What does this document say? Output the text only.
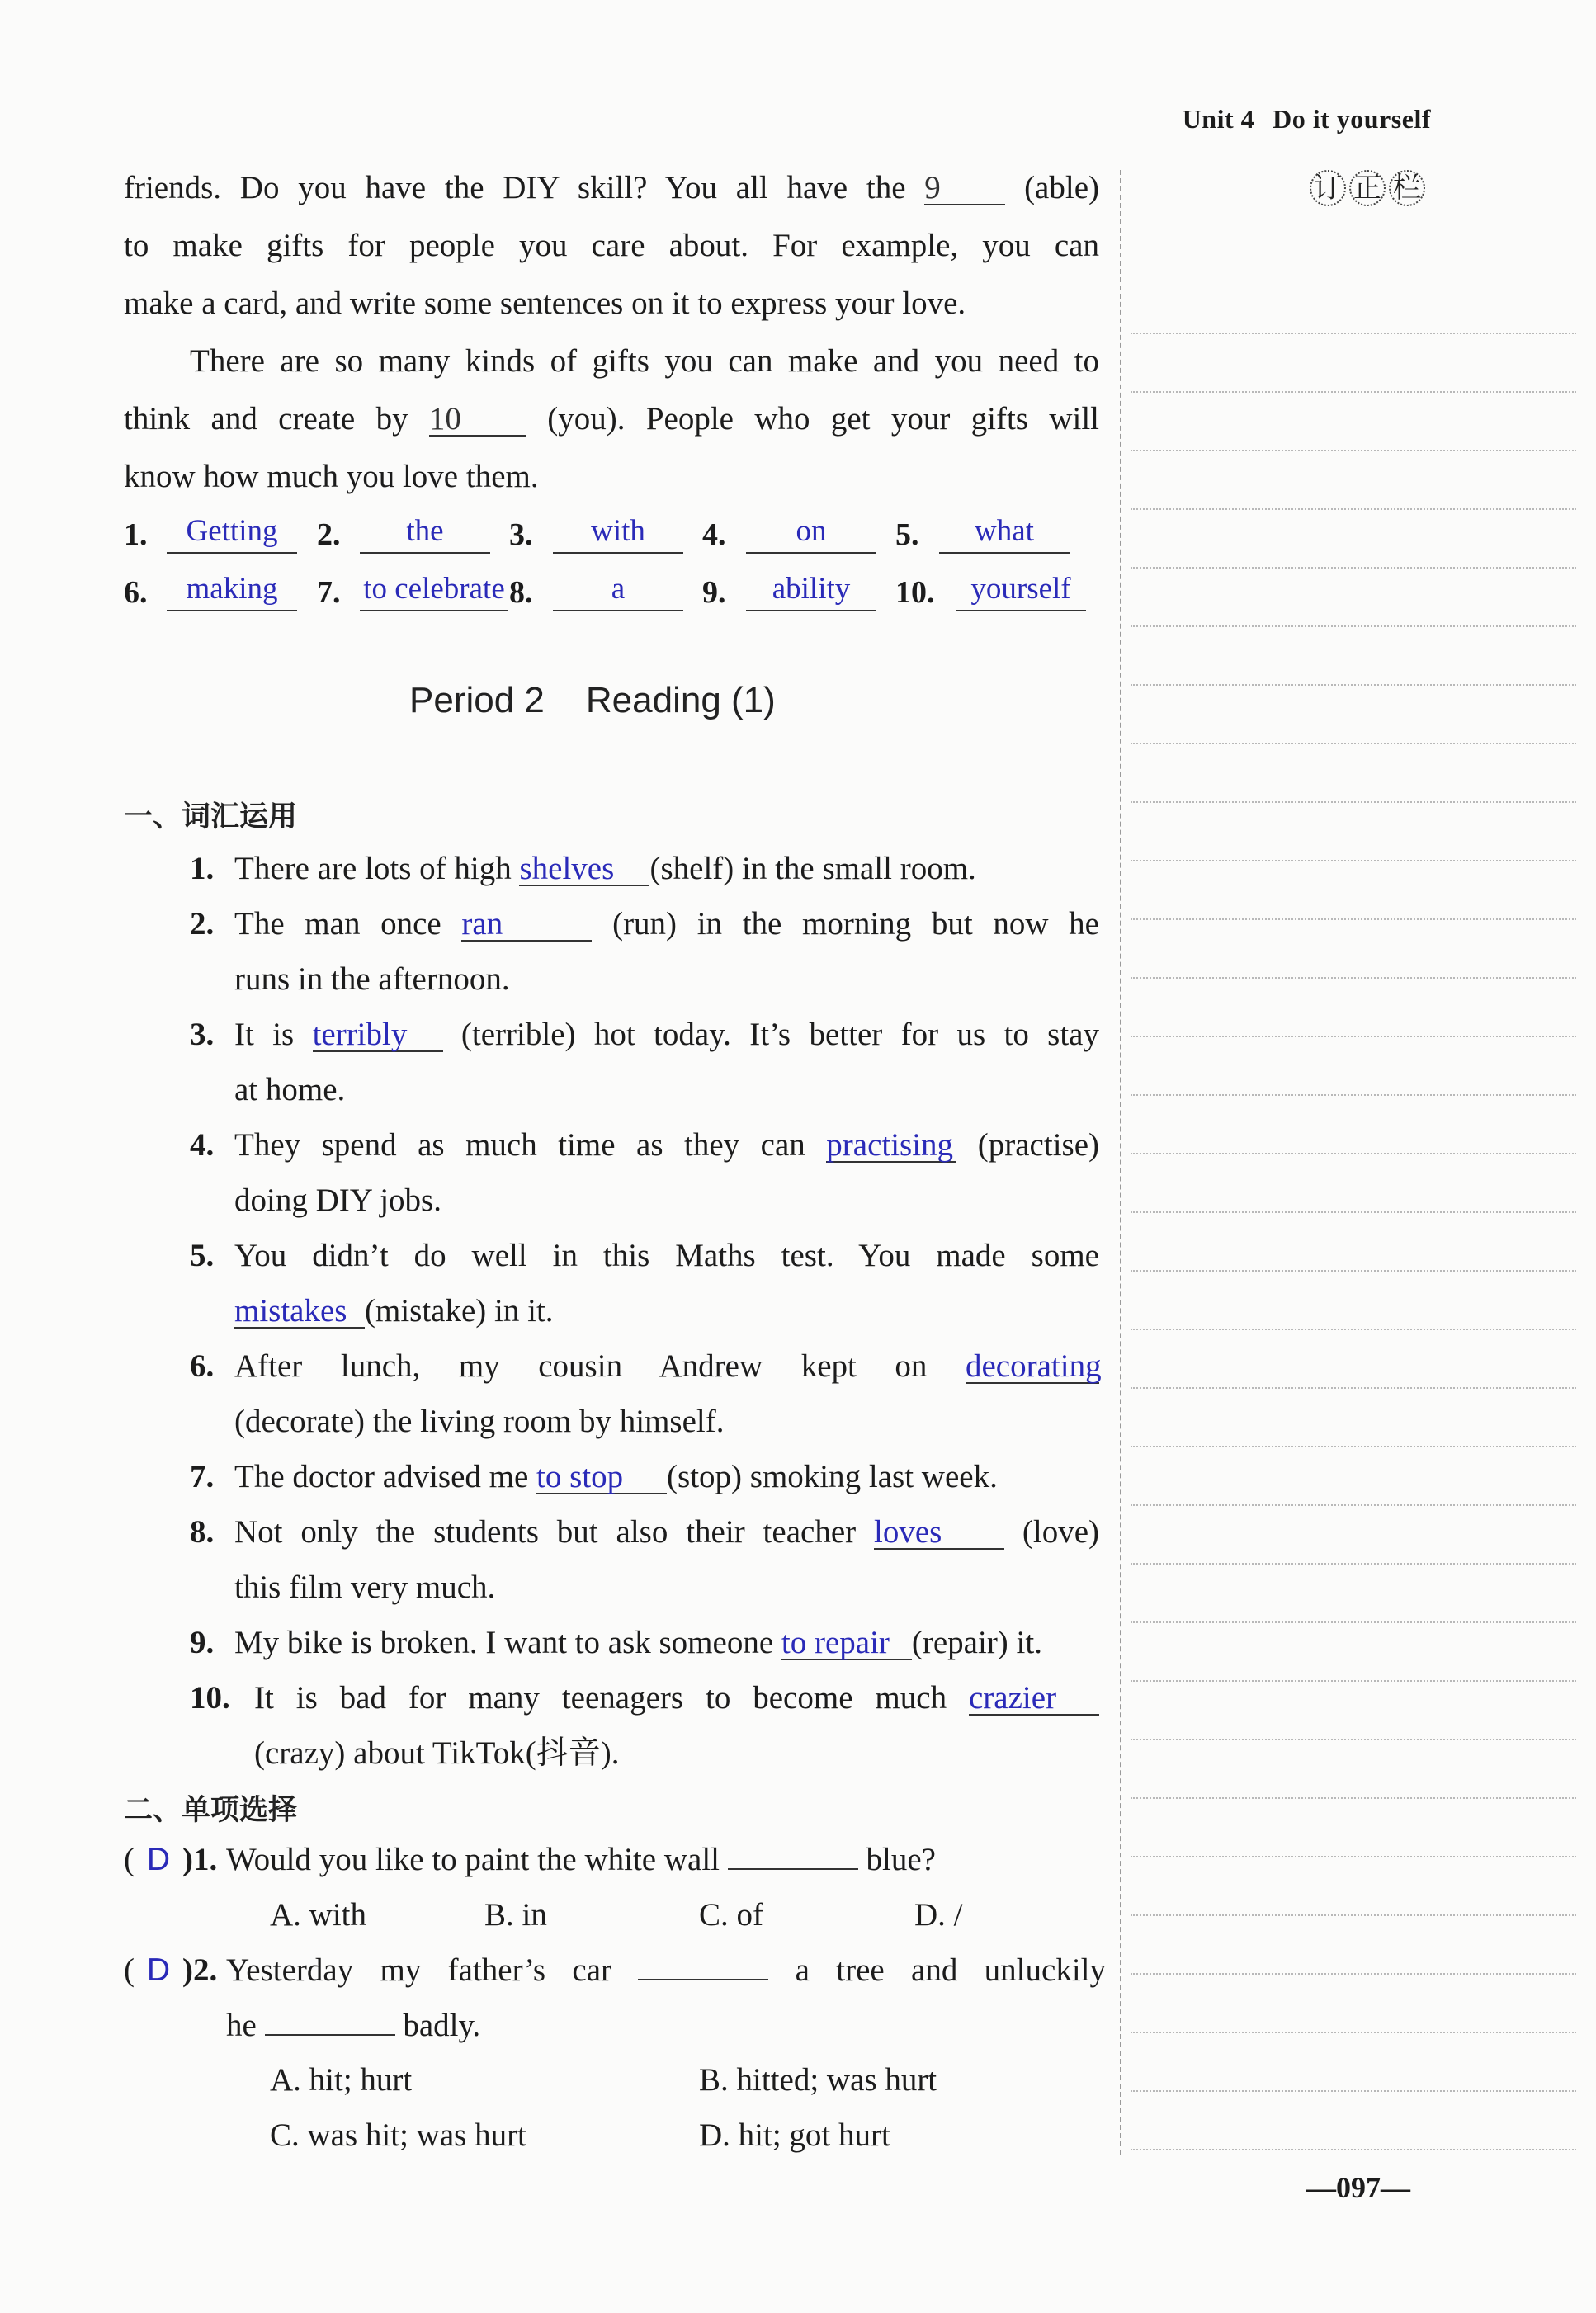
Unit 4 Do it yourself
订 正 栏
friends. Do you have the DIY skill? You all have the 9	(able)
to make gifts for people you care about. For example, you can
make a card, and write some sentences on it to express your love.
There are so many kinds of gifts you can make and you need to
think and create by 10	(you). People who get your gifts will
know how much you love them.
1.	Getting	2.	the	3.	with	4.	on	5.	what
6.	making	7. to celebrate 8.	a	9.	ability	10.	yourself
Period 2 Reading (1)
一、词汇运用
1. There are lots of high shelves (shelf) in the small room.
2. The man once ran	(run) in the morning but now he
runs in the afternoon.
3. It is terribly (terrible) hot today. It’s better for us to stay
at home.
4. They spend as much time as they can practising (practise)
doing DIY jobs.
5. You didn’t do well in this Maths test. You made some
mistakes (mistake) in it.
6. After lunch, my cousin Andrew kept on decorating
(decorate) the living room by himself.
7. The doctor advised me to stop (stop) smoking last week.
8. Not only the students but also their teacher loves	(love)
this film very much.
9. My bike is broken. I want to ask someone to repair (repair) it.
10. It is bad for many teenagers to become much crazier
(crazy) about TikTok(抖音).
二、单项选择
( D )1. Would you like to paint the white wall	blue?
A. with	B. in	C. of	D. /
( D )2. Yesterday my father’s car	a tree and unluckily
he	badly.
A. hit; hurt	B. hitted; was hurt
C. was hit; was hurt	D. hit; got hurt
—097—
